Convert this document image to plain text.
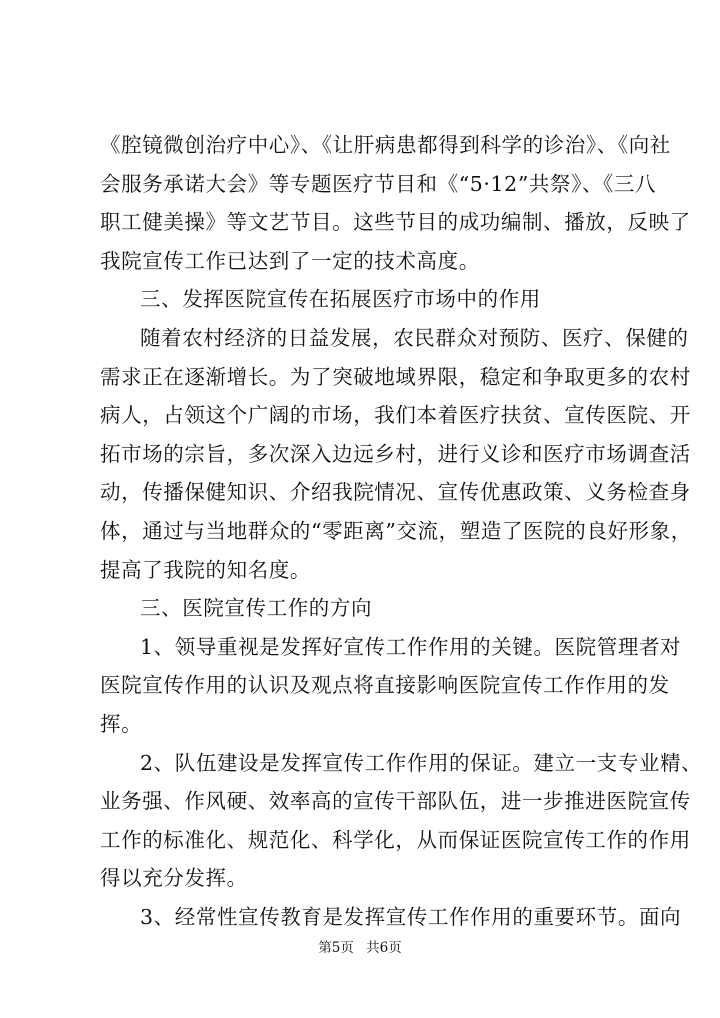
《腔镜微创治疗中心》、《让肝病患都得到科学的诊治》、《向社
会服务承诺大会》等专题医疗节目和《“5·12”共祭》、《三八
职工健美操》等文艺节目。这些节目的成功编制、播放，反映了
我院宣传工作已达到了一定的技术高度。
三、发挥医院宣传在拓展医疗市场中的作用
随着农村经济的日益发展，农民群众对预防、医疗、保健的
需求正在逐渐增长。为了突破地域界限，稳定和争取更多的农村
病人，占领这个广阔的市场，我们本着医疗扶贫、宣传医院、开
拓市场的宗旨，多次深入边远乡村，进行义诊和医疗市场调查活
动，传播保健知识、介绍我院情况、宣传优惠政策、义务检查身
体，通过与当地群众的“零距离”交流，塑造了医院的良好形象，
提高了我院的知名度。
三、医院宣传工作的方向
1、领导重视是发挥好宣传工作作用的关键。医院管理者对
医院宣传作用的认识及观点将直接影响医院宣传工作作用的发
挥。
2、队伍建设是发挥宣传工作作用的保证。建立一支专业精、
业务强、作风硬、效率高的宣传干部队伍，进一步推进医院宣传
工作的标准化、规范化、科学化，从而保证医院宣传工作的作用
得以充分发挥。
3、经常性宣传教育是发挥宣传工作作用的重要环节。面向
第5页 共6页
